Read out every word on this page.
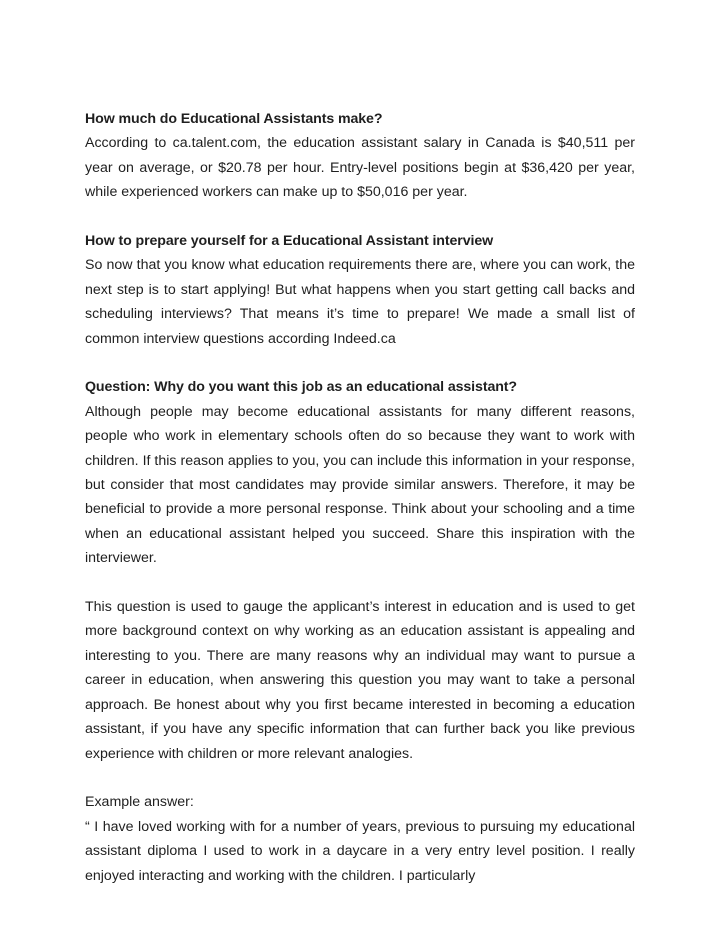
How much do Educational Assistants make?

According to ca.talent.com, the education assistant salary in Canada is $40,511 per year on average, or $20.78 per hour. Entry-level positions begin at $36,420 per year, while experienced workers can make up to $50,016 per year.

How to prepare yourself for a Educational Assistant interview

So now that you know what education requirements there are, where you can work, the next step is to start applying! But what happens when you start getting call backs and scheduling interviews? That means it’s time to prepare! We made a small list of common interview questions according Indeed.ca

Question: Why do you want this job as an educational assistant?

Although people may become educational assistants for many different reasons, people who work in elementary schools often do so because they want to work with children. If this reason applies to you, you can include this information in your response, but consider that most candidates may provide similar answers. Therefore, it may be beneficial to provide a more personal response. Think about your schooling and a time when an educational assistant helped you succeed. Share this inspiration with the interviewer.

This question is used to gauge the applicant’s interest in education and is used to get more background context on why working as an education assistant is appealing and interesting to you. There are many reasons why an individual may want to pursue a career in education, when answering this question you may want to take a personal approach. Be honest about why you first became interested in becoming a education assistant, if you have any specific information that can further back you like previous experience with children or more relevant analogies.

Example answer:

“ I have loved working with for a number of years, previous to pursuing my educational assistant diploma I used to work in a daycare in a very entry level position. I really enjoyed interacting and working with the children. I particularly
